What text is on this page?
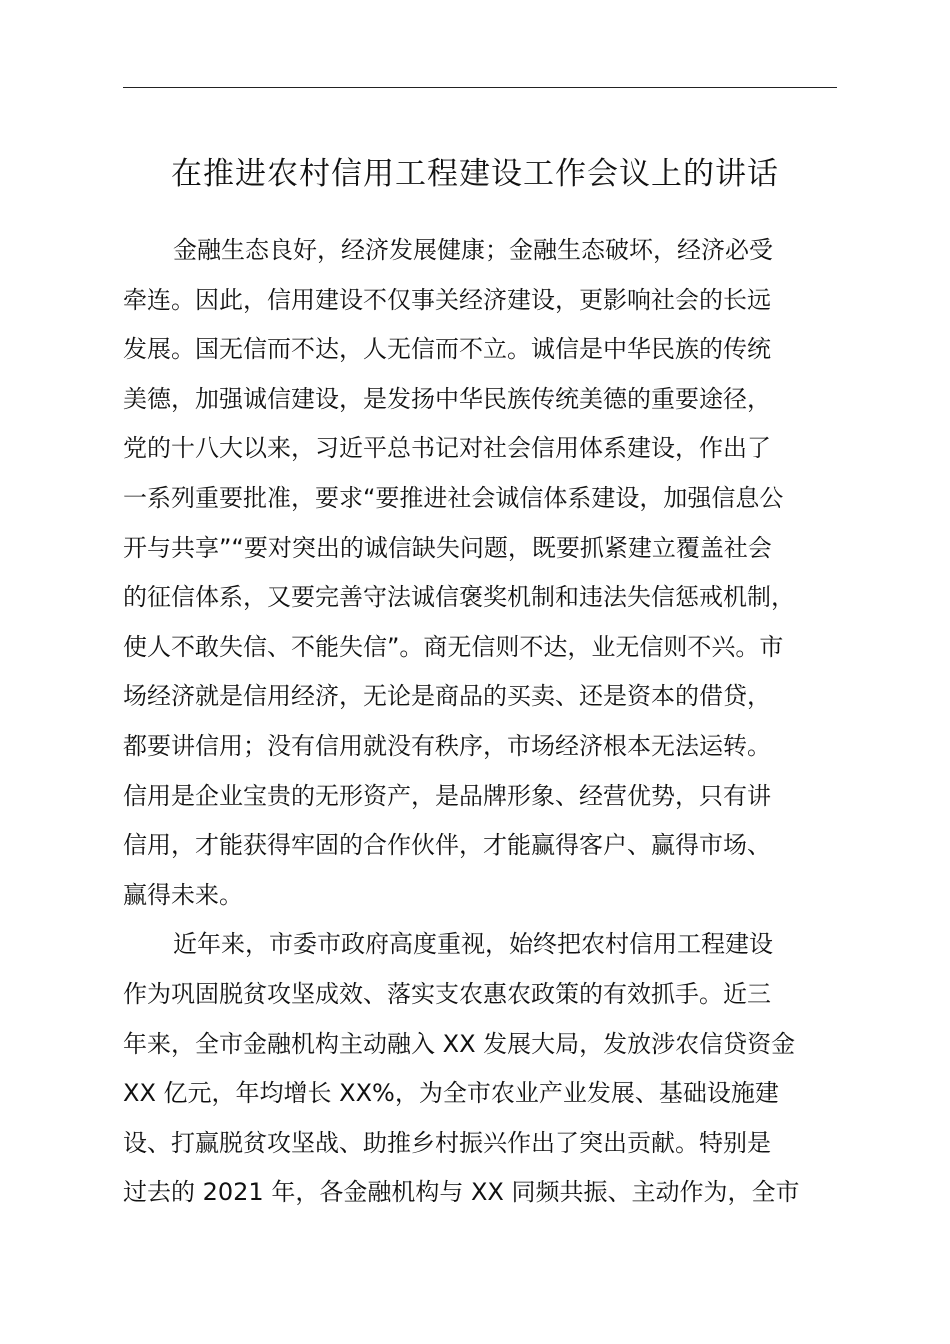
在推进农村信用工程建设工作会议上的讲话

金融生态良好，经济发展健康；金融生态破坏，经济必受
牵连。因此，信用建设不仅事关经济建设，更影响社会的长远
发展。国无信而不达，人无信而不立。诚信是中华民族的传统
美德，加强诚信建设，是发扬中华民族传统美德的重要途径，
党的十八大以来，习近平总书记对社会信用体系建设，作出了
一系列重要批准，要求“要推进社会诚信体系建设，加强信息公
开与共享”“要对突出的诚信缺失问题，既要抓紧建立覆盖社会
的征信体系，又要完善守法诚信褒奖机制和违法失信惩戒机制，
使人不敢失信、不能失信”。商无信则不达，业无信则不兴。市
场经济就是信用经济，无论是商品的买卖、还是资本的借贷，
都要讲信用；没有信用就没有秩序，市场经济根本无法运转。
信用是企业宝贵的无形资产，是品牌形象、经营优势，只有讲
信用，才能获得牢固的合作伙伴，才能赢得客户、赢得市场、
赢得未来。

近年来，市委市政府高度重视，始终把农村信用工程建设
作为巩固脱贫攻坚成效、落实支农惠农政策的有效抓手。近三
年来，全市金融机构主动融入 XX 发展大局，发放涉农信贷资金
XX 亿元，年均增长 XX%，为全市农业产业发展、基础设施建
设、打赢脱贫攻坚战、助推乡村振兴作出了突出贡献。特别是
过去的 2021 年，各金融机构与 XX 同频共振、主动作为，全市
